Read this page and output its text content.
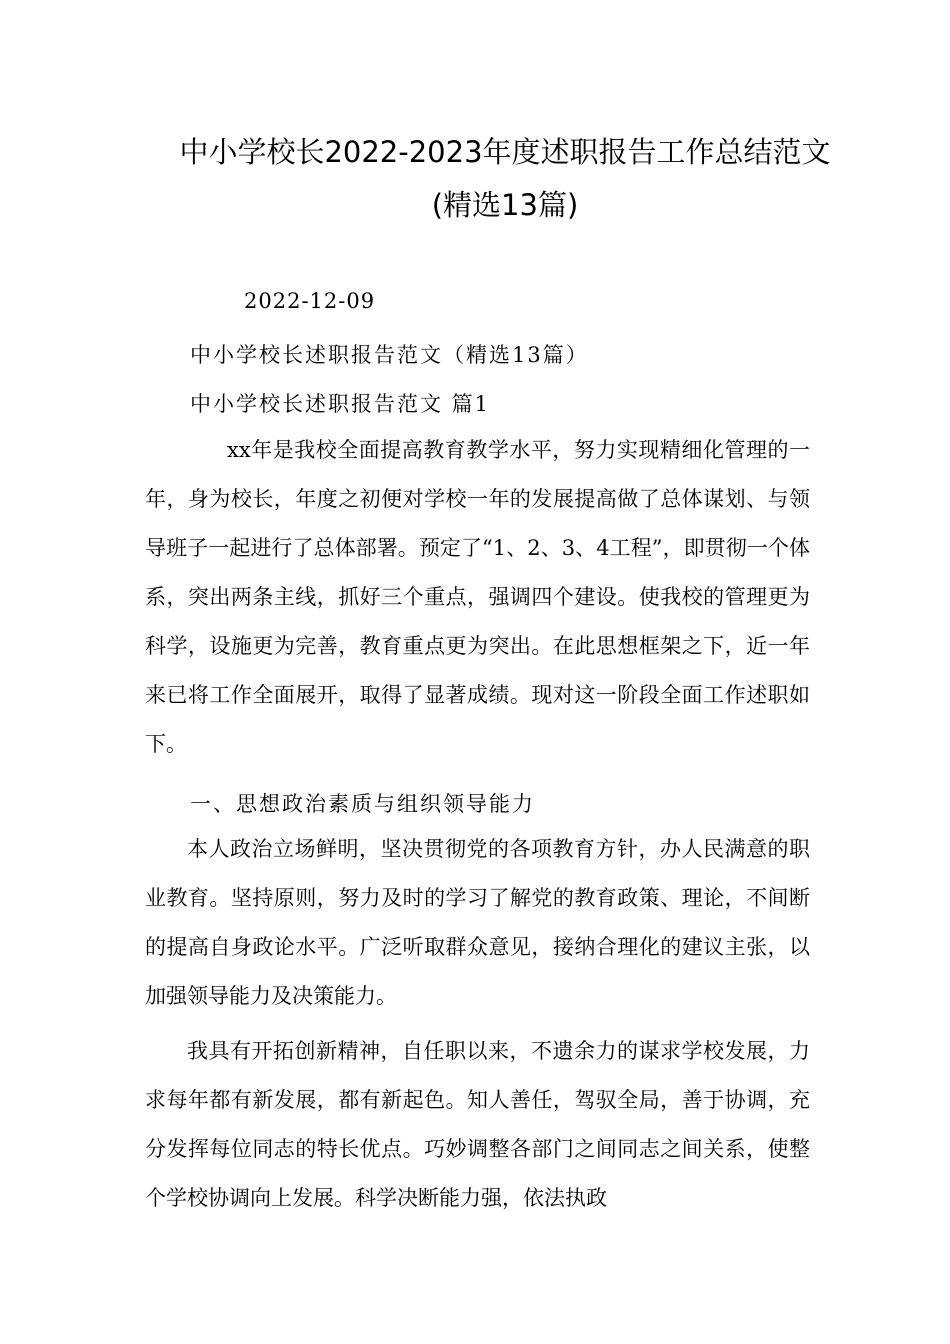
中小学校长2022-2023年度述职报告工作总结范文
(精选13篇)
2022-12-09
中小学校长述职报告范文（精选13篇）
中小学校长述职报告范文 篇1

xx年是我校全面提高教育教学水平，努力实现精细化管理的一年，身为校长，年度之初便对学校一年的发展提高做了总体谋划、与领导班子一起进行了总体部署。预定了“1、2、3、4工程”，即贯彻一个体系，突出两条主线，抓好三个重点，强调四个建设。使我校的管理更为科学，设施更为完善，教育重点更为突出。在此思想框架之下，近一年来已将工作全面展开，取得了显著成绩。现对这一阶段全面工作述职如下。

一、思想政治素质与组织领导能力

本人政治立场鲜明，坚决贯彻党的各项教育方针，办人民满意的职业教育。坚持原则，努力及时的学习了解党的教育政策、理论，不间断的提高自身政论水平。广泛听取群众意见，接纳合理化的建议主张，以加强领导能力及决策能力。

我具有开拓创新精神，自任职以来，不遗余力的谋求学校发展，力求每年都有新发展，都有新起色。知人善任，驾驭全局，善于协调，充分发挥每位同志的特长优点。巧妙调整各部门之间同志之间关系，使整个学校协调向上发展。科学决断能力强，依法执政
